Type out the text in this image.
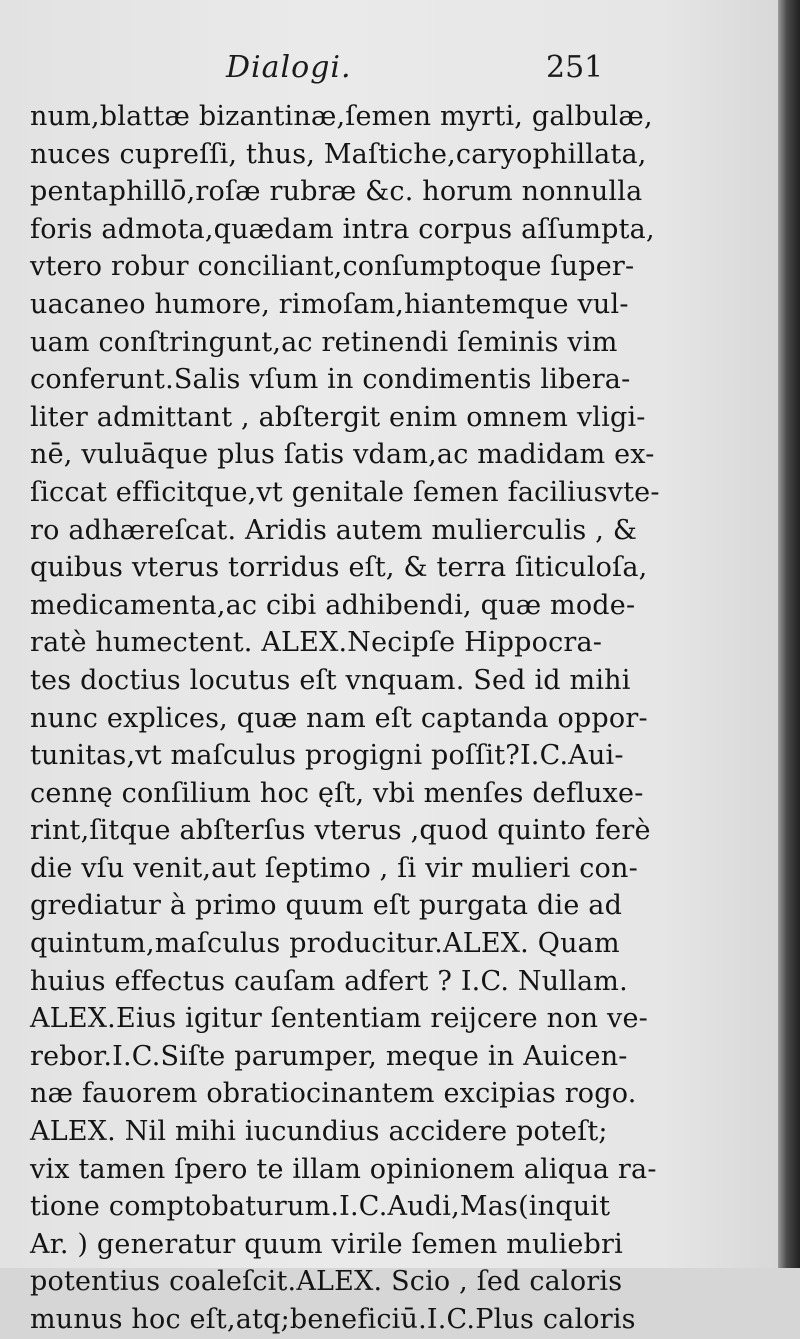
Dialogi.	251
num,blattæ bizantinæ,ſemen myrti, galbulæ,
nuces cupreſſi, thus, Maſtiche,caryophillata,
pentaphillō,roſæ rubræ &c. horum nonnulla
foris admota,quædam intra corpus aſſumpta,
vtero robur conciliant,conſumptoque ſuper-
uacaneo humore, rimoſam,hiantemque vul-
uam conſtringunt,ac retinendi ſeminis vim
conferunt.Salis vſum in condimentis libera-
liter admittant , abſtergit enim omnem vligi-
nē, vuluāque plus ſatis vdam,ac madidam ex-
ſiccat efficitque,vt genitale ſemen faciliusvte-
ro adhæreſcat. Aridis autem mulierculis , &
quibus vterus torridus eſt, & terra ſiticuloſa,
medicamenta,ac cibi adhibendi, quæ mode-
ratè humectent. ALEX.Necipſe Hippocra-
tes doctius locutus eſt vnquam. Sed id mihi
nunc explices, quæ nam eſt captanda oppor-
tunitas,vt maſculus progigni poſſit?I.C.Aui-
cennę conſilium hoc ęſt, vbi menſes defluxe-
rint,ſitque abſterſus vterus ,quod quinto ferè
die vſu venit,aut ſeptimo , ſi vir mulieri con-
grediatur à primo quum eſt purgata die ad
quintum,maſculus producitur.ALEX. Quam
huius effectus cauſam adfert ? I.C. Nullam.
ALEX.Eius igitur ſententiam reijcere non ve-
rebor.I.C.Siſte parumper, meque in Auicen-
næ fauorem obratiocinantem excipias rogo.
ALEX. Nil mihi iucundius accidere poteſt;
vix tamen ſpero te illam opinionem aliqua ra-
tione comptobaturum.I.C.Audi,Mas(inquit
Ar. ) generatur quum virile ſemen muliebri
potentius coaleſcit.ALEX. Scio , ſed caloris
munus hoc eſt,atq;beneficiū.I.C.Plus caloris
